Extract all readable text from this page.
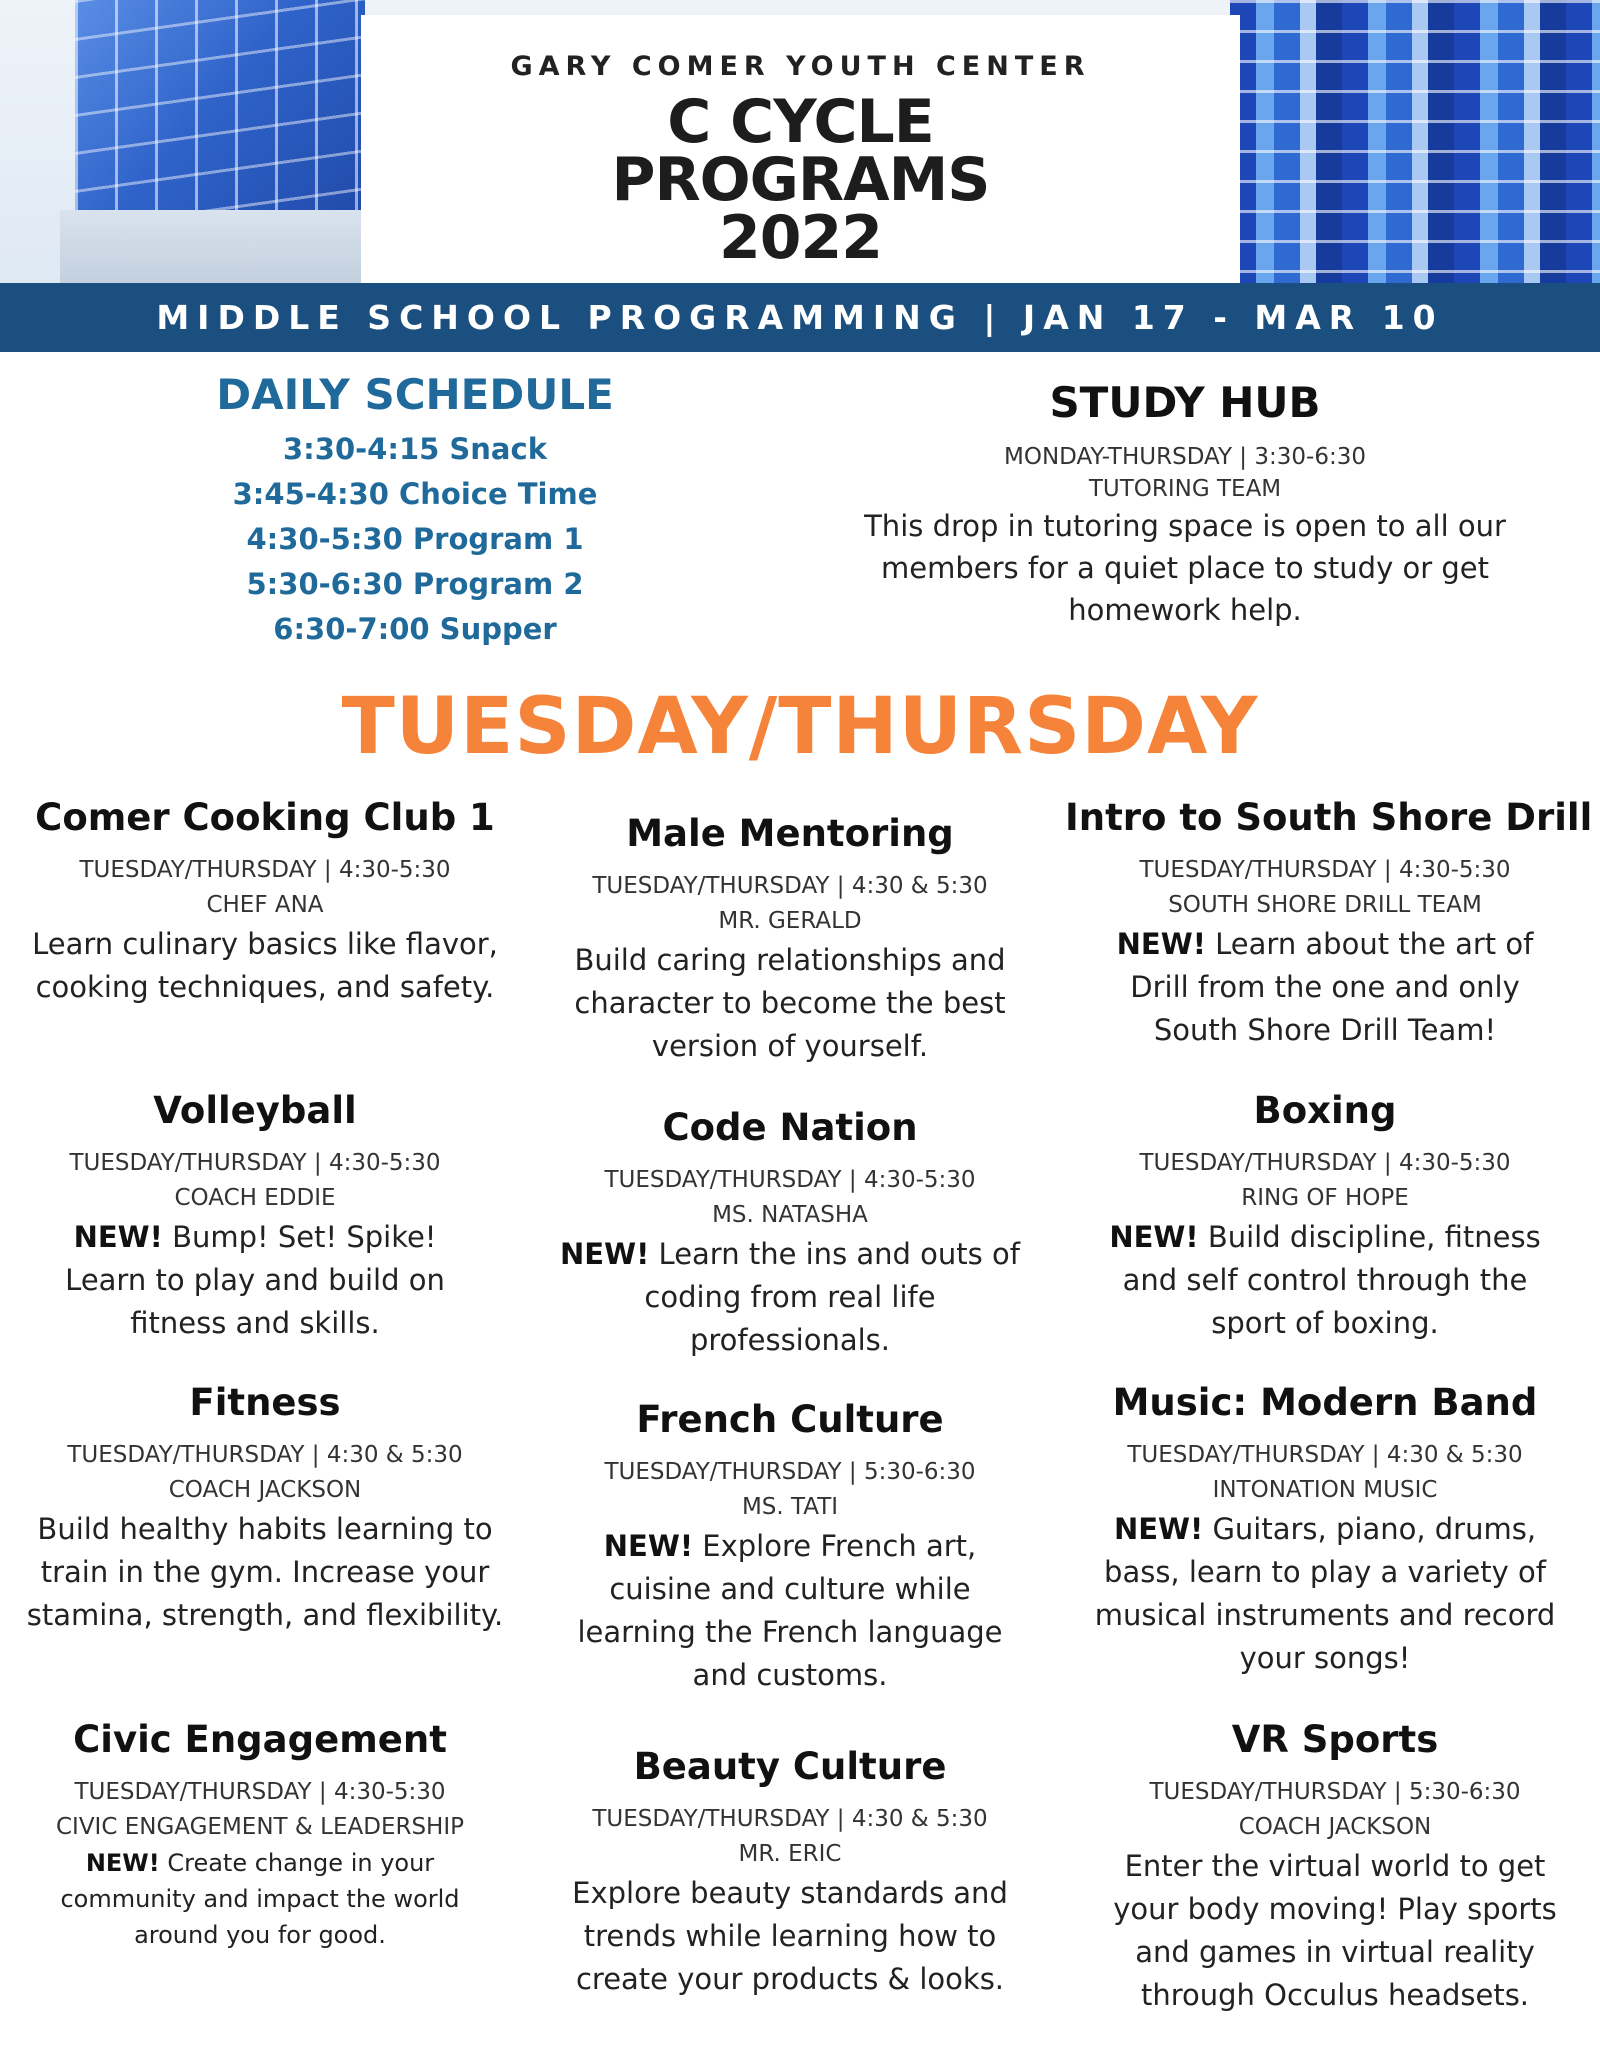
GARY COMER YOUTH CENTER
C CYCLE
PROGRAMS
2022
MIDDLE SCHOOL PROGRAMMING | JAN 17 - MAR 10
DAILY SCHEDULE
3:30-4:15 Snack
3:45-4:30 Choice Time
4:30-5:30 Program 1
5:30-6:30 Program 2
6:30-7:00 Supper
STUDY HUB
MONDAY-THURSDAY | 3:30-6:30
TUTORING TEAM
This drop in tutoring space is open to all our members for a quiet place to study or get homework help.
TUESDAY/THURSDAY
Comer Cooking Club 1
TUESDAY/THURSDAY | 4:30-5:30
CHEF ANA
Learn culinary basics like flavor, cooking techniques, and safety.
Male Mentoring
TUESDAY/THURSDAY | 4:30 & 5:30
MR. GERALD
Build caring relationships and character to become the best version of yourself.
Intro to South Shore Drill
TUESDAY/THURSDAY | 4:30-5:30
SOUTH SHORE DRILL TEAM
NEW! Learn about the art of Drill from the one and only South Shore Drill Team!
Volleyball
TUESDAY/THURSDAY | 4:30-5:30
COACH EDDIE
NEW! Bump! Set! Spike! Learn to play and build on fitness and skills.
Code Nation
TUESDAY/THURSDAY | 4:30-5:30
MS. NATASHA
NEW! Learn the ins and outs of coding from real life professionals.
Boxing
TUESDAY/THURSDAY | 4:30-5:30
RING OF HOPE
NEW! Build discipline, fitness and self control through the sport of boxing.
Fitness
TUESDAY/THURSDAY | 4:30 & 5:30
COACH JACKSON
Build healthy habits learning to train in the gym. Increase your stamina, strength, and flexibility.
French Culture
TUESDAY/THURSDAY | 5:30-6:30
MS. TATI
NEW! Explore French art, cuisine and culture while learning the French language and customs.
Music: Modern Band
TUESDAY/THURSDAY | 4:30 & 5:30
INTONATION MUSIC
NEW! Guitars, piano, drums, bass, learn to play a variety of musical instruments and record your songs!
Civic Engagement
TUESDAY/THURSDAY | 4:30-5:30
CIVIC ENGAGEMENT & LEADERSHIP
NEW! Create change in your community and impact the world around you for good.
Beauty Culture
TUESDAY/THURSDAY | 4:30 & 5:30
MR. ERIC
Explore beauty standards and trends while learning how to create your products & looks.
VR Sports
TUESDAY/THURSDAY | 5:30-6:30
COACH JACKSON
Enter the virtual world to get your body moving! Play sports and games in virtual reality through Occulus headsets.
